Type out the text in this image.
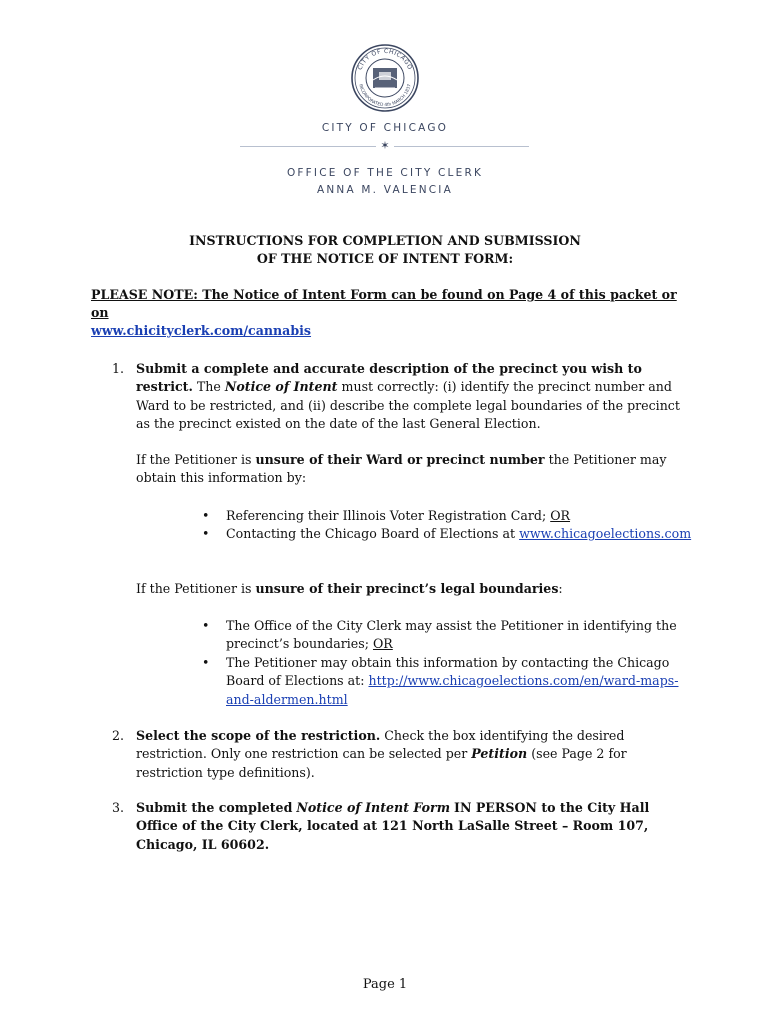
CITY OF CHICAGO
INCORPORATED 4th MARCH 1837
CITY OF CHICAGO
✶
OFFICE OF THE CITY CLERK
ANNA M. VALENCIA
INSTRUCTIONS FOR COMPLETION AND SUBMISSION
OF THE NOTICE OF INTENT FORM:
PLEASE NOTE: The Notice of Intent Form can be found on Page 4 of this packet or on
www.chicityclerk.com/cannabis
1. Submit a complete and accurate description of the precinct you wish to restrict. The Notice of Intent must correctly: (i) identify the precinct number and Ward to be restricted, and (ii) describe the complete legal boundaries of the precinct as the precinct existed on the date of the last General Election.
If the Petitioner is unsure of their Ward or precinct number the Petitioner may obtain this information by:
• Referencing their Illinois Voter Registration Card; OR
• Contacting the Chicago Board of Elections at www.chicagoelections.com
If the Petitioner is unsure of their precinct’s legal boundaries:
• The Office of the City Clerk may assist the Petitioner in identifying the precinct’s boundaries; OR
• The Petitioner may obtain this information by contacting the Chicago Board of Elections at: http://www.chicagoelections.com/en/ward-maps-and-aldermen.html
2. Select the scope of the restriction. Check the box identifying the desired restriction. Only one restriction can be selected per Petition (see Page 2 for restriction type definitions).
3. Submit the completed Notice of Intent Form IN PERSON to the City Hall Office of the City Clerk, located at 121 North LaSalle Street – Room 107, Chicago, IL 60602.
Page 1
